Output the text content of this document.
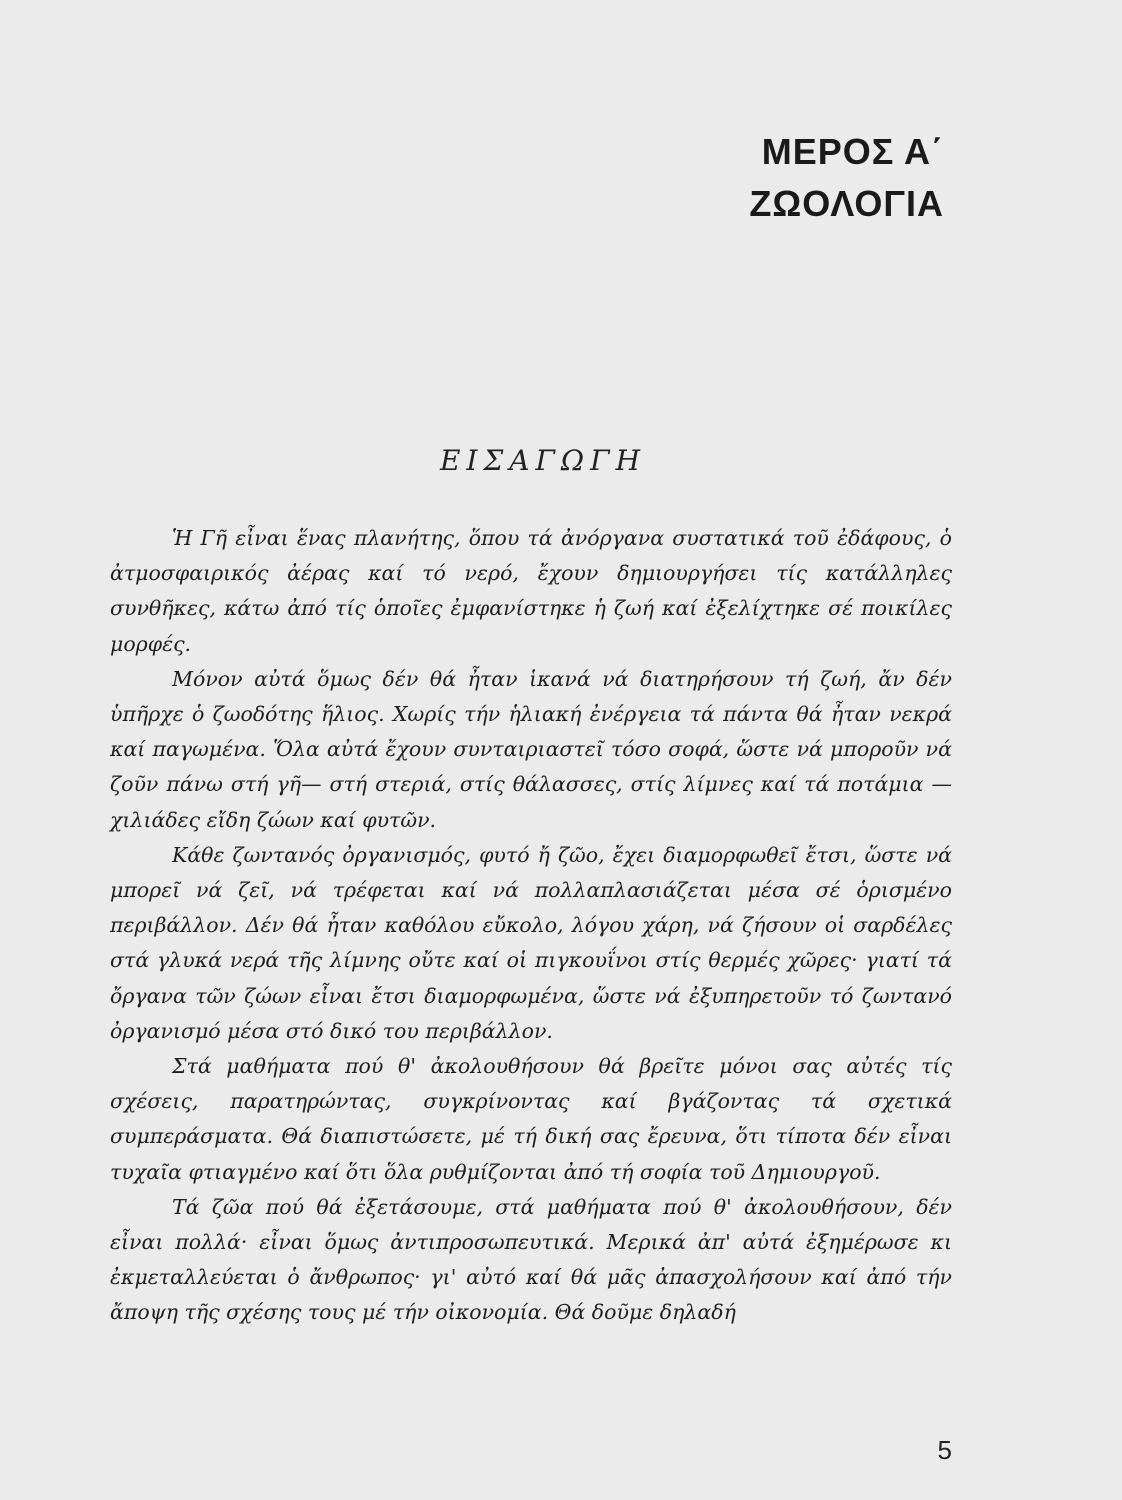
ΜΕΡΟΣ Α΄
ΖΩΟΛΟΓΙΑ
ΕΙΣΑΓΩΓΗ

Ἡ Γῆ εἶναι ἕνας πλανήτης, ὅπου τά ἀνόργανα συστατικά τοῦ ἐδάφους, ὁ ἀτμοσφαιρικός ἀέρας καί τό νερό, ἔχουν δημιουργήσει τίς κατάλληλες συνθῆκες, κάτω ἀπό τίς ὁποῖες ἐμφανίστηκε ἡ ζωή καί ἐξελίχτηκε σέ ποικίλες μορφές.

Μόνον αὐτά ὅμως δέν θά ἦταν ἱκανά νά διατηρήσουν τή ζωή, ἄν δέν ὑπῆρχε ὁ ζωοδότης ἥλιος. Χωρίς τήν ἡλιακή ἐνέργεια τά πάντα θά ἦταν νεκρά καί παγωμένα. Ὅλα αὐτά ἔχουν συνταιριαστεῖ τόσο σοφά, ὥστε νά μποροῦν νά ζοῦν πάνω στή γῆ— στή στεριά, στίς θάλασσες, στίς λίμνες καί τά ποτάμια — χιλιάδες εἴδη ζώων καί φυτῶν.

Κάθε ζωντανός ὀργανισμός, φυτό ἤ ζῶο, ἔχει διαμορφωθεῖ ἔτσι, ὥστε νά μπορεῖ νά ζεῖ, νά τρέφεται καί νά πολλαπλασιάζεται μέσα σέ ὁρισμένο περιβάλλον. Δέν θά ἦταν καθόλου εὔκολο, λόγου χάρη, νά ζήσουν οἱ σαρδέλες στά γλυκά νερά τῆς λίμνης οὔτε καί οἱ πιγκουΐνοι στίς θερμές χῶρες· γιατί τά ὄργανα τῶν ζώων εἶναι ἔτσι διαμορφωμένα, ὥστε νά ἐξυπηρετοῦν τό ζωντανό ὀργανισμό μέσα στό δικό του περιβάλλον.

Στά μαθήματα πού θ' ἀκολουθήσουν θά βρεῖτε μόνοι σας αὐτές τίς σχέσεις, παρατηρώντας, συγκρίνοντας καί βγάζοντας τά σχετικά συμπεράσματα. Θά διαπιστώσετε, μέ τή δική σας ἔρευνα, ὅτι τίποτα δέν εἶναι τυχαῖα φτιαγμένο καί ὅτι ὅλα ρυθμίζονται ἀπό τή σοφία τοῦ Δημιουργοῦ.

Τά ζῶα πού θά ἐξετάσουμε, στά μαθήματα πού θ' ἀκολουθήσουν, δέν εἶναι πολλά· εἶναι ὅμως ἀντιπροσωπευτικά. Μερικά ἀπ' αὐτά ἐξημέρωσε κι ἐκμεταλλεύεται ὁ ἄνθρωπος· γι' αὐτό καί θά μᾶς ἀπασχολήσουν καί ἀπό τήν ἄποψη τῆς σχέσης τους μέ τήν οἰκονομία. Θά δοῦμε δηλαδή

5
